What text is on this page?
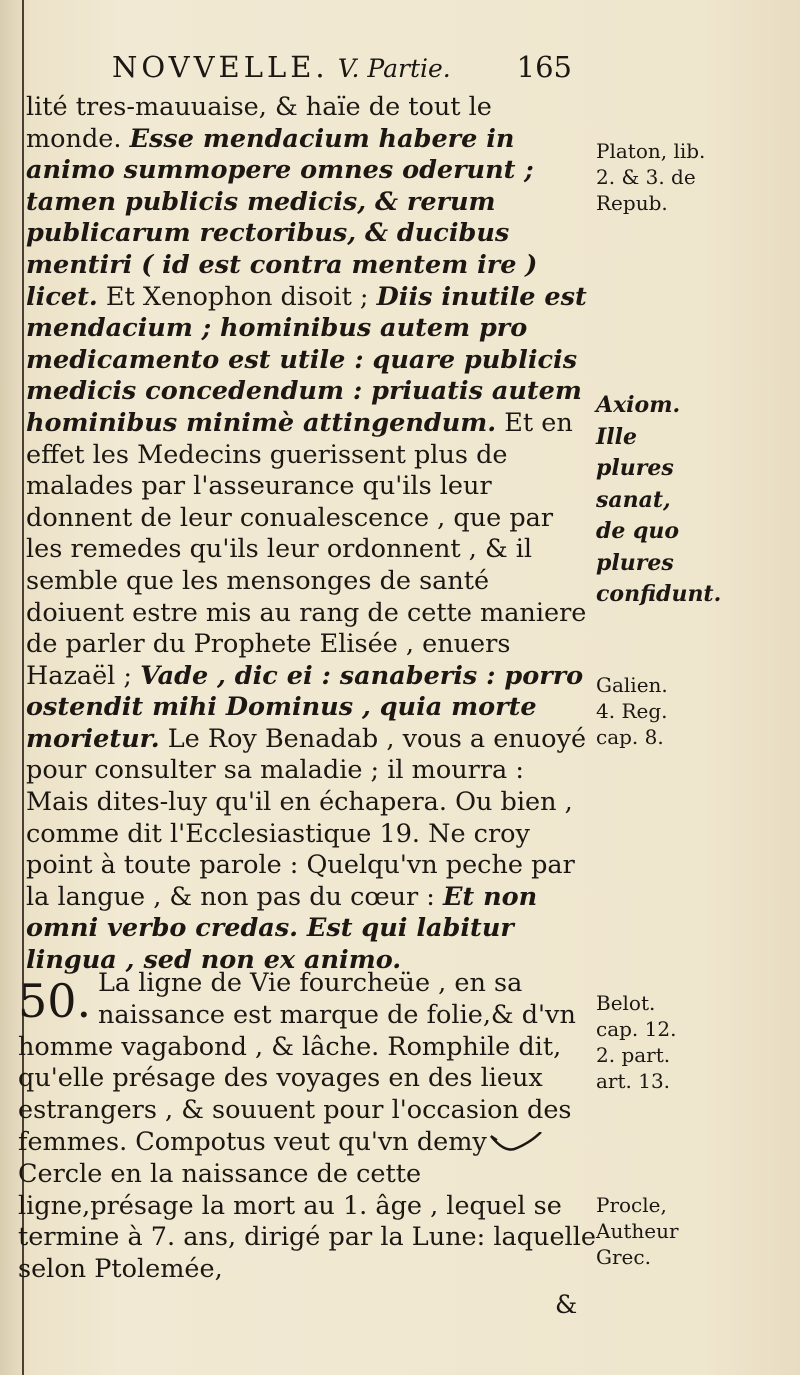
NOVVELLE. V. Partie. 165

lité tres-mauuaise, & haïe de tout le monde. Esse mendacium habere in animo summopere omnes oderunt ; tamen publicis medicis, & rerum publicarum rectoribus, & ducibus mentiri ( id est contra mentem ire ) licet. Et Xenophon disoit ; Diis inutile est mendacium ; hominibus autem pro medicamento est utile : quare publicis medicis concedendum : priuatis autem hominibus minimè attingendum. Et en effet les Medecins guerissent plus de malades par l'asseurance qu'ils leur donnent de leur conualescence , que par les remedes qu'ils leur ordonnent , & il semble que les mensonges de santé doiuent estre mis au rang de cette maniere de parler du Prophete Elisée , enuers Hazaël ; Vade , dic ei : sanaberis : porro ostendit mihi Dominus , quia morte morietur. Le Roy Benadab , vous a enuoyé pour consulter sa maladie ; il mourra : Mais dites-luy qu'il en échapera. Ou bien , comme dit l'Ecclesiastique 19. Ne croy point à toute parole : Quelqu'vn peche par la langue , & non pas du cœur : Et non omni verbo credas. Est qui labitur lingua , sed non ex animo.

50. La ligne de Vie fourcheüe , en sa naissance est marque de folie,& d'vn

homme vagabond , & lâche. Romphile dit, qu'elle présage des voyages en des lieux estrangers , & souuent pour l'occasion des femmes. Compotus veut qu'vn demy Cercle en la naissance de cette ligne,présage la mort au 1. âge , lequel se termine à 7. ans, dirigé par la Lune: laquelle selon Ptolemée,

&
Platon, lib. 2. & 3. de Repub.
Axiom. Ille plures sanat, de quo plures confidunt.
Galien. 4. Reg. cap. 8.
Belot. cap. 12. 2. part. art. 13.
Procle, Autheur Grec.
